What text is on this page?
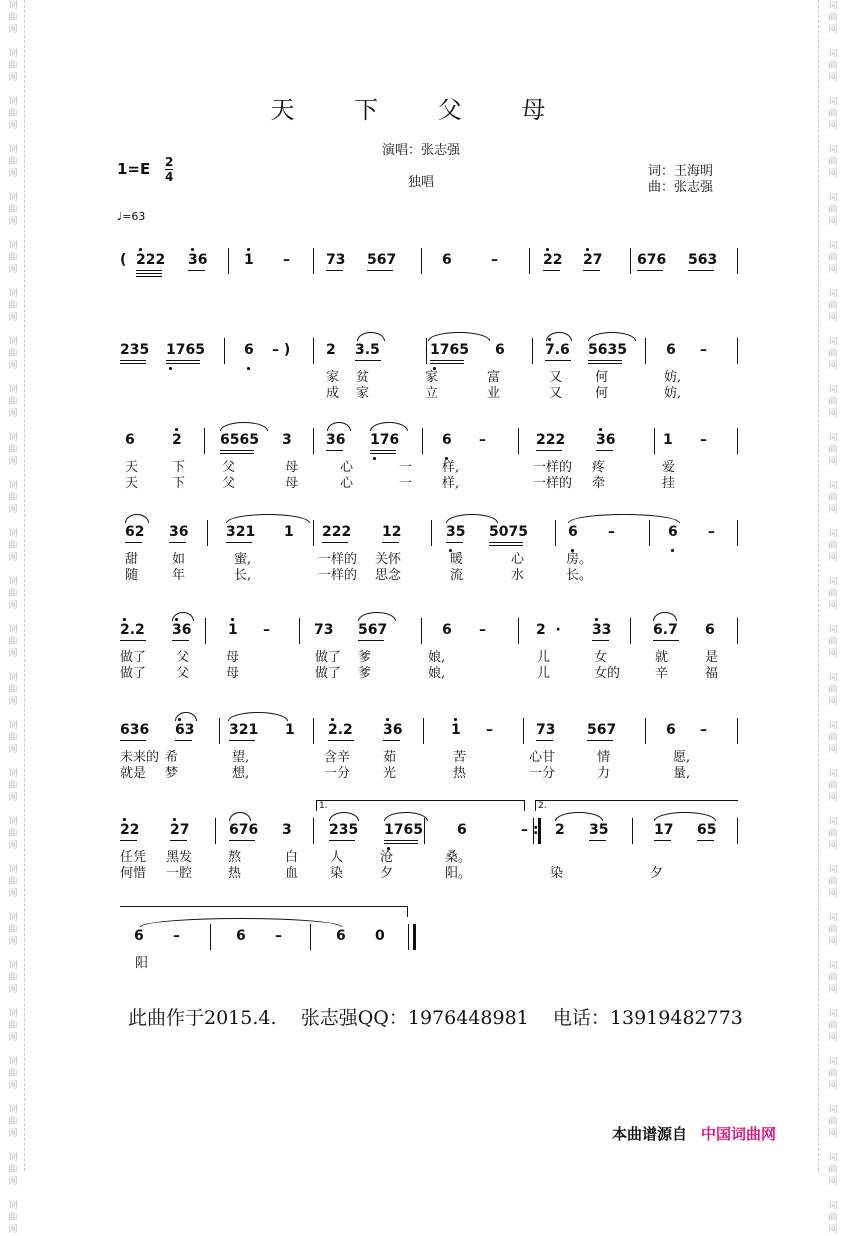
词
曲
网

词
曲
网

词
曲
网

词
曲
网

词
曲
网

词
曲
网

词
曲
网

词
曲
网

词
曲
网

词
曲
网

词
曲
网

词
曲
网

词
曲
网

词
曲
网

词
曲
网

词
曲
网

词
曲
网

词
曲
网

词
曲
网

词
曲
网

词
曲
网

词
曲
网

词
曲
网

词
曲
网

词
曲
网

词
曲
网

词
曲
网

词
曲
网

词
曲
网

词
曲
网

词
曲
网

词
曲
网

词
曲
网

词
曲
网

词
曲
网

词
曲
网

词
曲
网

词
曲
网

词
曲
网

词
曲
网

词
曲
网

词
曲
网

词
曲
网

词
曲
网

词
曲
网

词
曲
网

词
曲
网

词
曲
网

词
曲
网

词
曲
网

词
曲
网

词
曲
网

天 下 父 母
演唱：张志强
独唱
1=E 2
4	词：王海明
曲：张志强
♩=63
( 222 36	1 –	73 567	6	–	22 27 676 563
235 1765	6 – )	2 3.5	1765 6	7.6 5635	6 –
家 贫	家	富	又	何	妨,
成 家	立	业	又	何	妨,
6	2	6565 3 36 176	6 –	222 36	1 –
天	下	父	母	心	一 样,	一样的 疼	爱
天	下	父	母	心	一 样,	一样的 牵	挂
62 36	321 1 222 12	35 5075	6 –	6 –
甜	如	蜜,	一样的 关怀	暖	心	房。
随	年	长,	一样的 思念	流	水	长。
2.2 36	1 –	73 567	6 –	2  · 33	6.7 6
做了 父	母	做了 爹	娘,	儿	女	就	是
做了 父	母	做了 爹	娘,	儿	女的	辛	福
636 63 321 1 2.2 36	1 –	73 567	6 –
未来的 希	望,	含辛	茹	苦	心甘	情	愿,
就是 梦	想,	一分	光	热	一分	力	量,
22 27	676 3	235 1765 6	– : 2 35	17 65
1.	2.
任凭 黑发	熬	白 人	沧	桑。
何惜 一腔	热	血 染	夕	阳。	染	夕
6 –	6 –	6 0
阳
此曲作于2015.4. 张志强QQ：1976448981 电话：13919482773
本曲谱源自 中国词曲网
